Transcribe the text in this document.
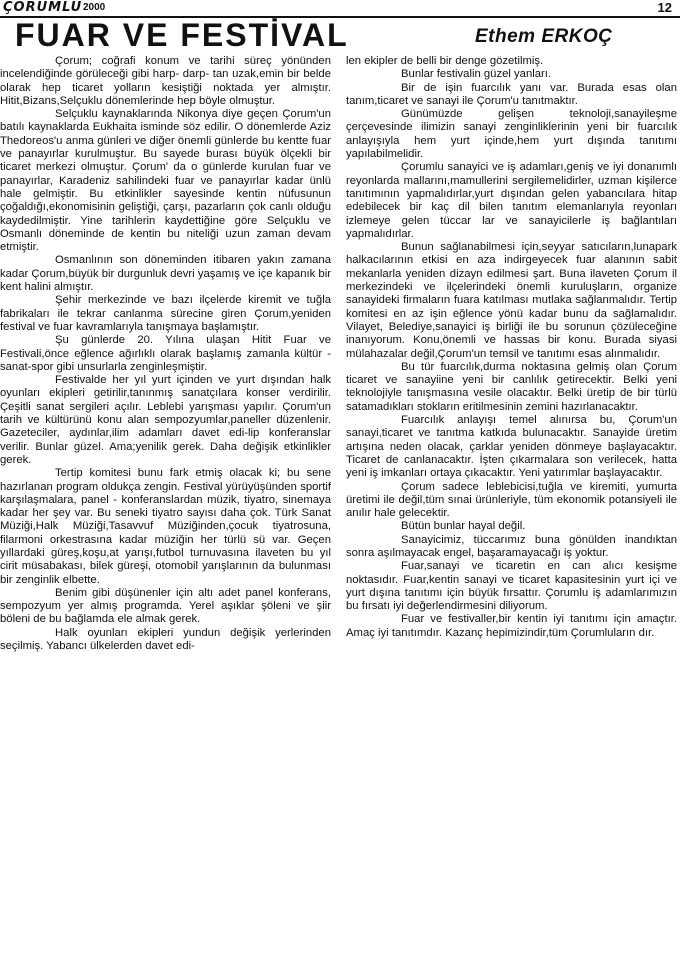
ÇORUMLU 2000	12
FUAR VE FESTİVAL	Ethem ERKOÇ

Çorum; coğrafi konum ve tarihi süreç yönünden incelendiğinde görüleceği gibi harp- darp- tan uzak,emin bir belde olarak hep ticaret yolların kesiştiği noktada yer almıştır. Hitit,Bizans,Selçuklu dönemlerinde hep böyle olmuştur.

Selçuklu kaynaklarında Nikonya diye geçen Çorum'un batılı kaynaklarda Eukhaita isminde söz edilir. O dönemlerde Aziz Thedoreos'u anma günleri ve diğer önemli günlerde bu kentte fuar ve panayırlar kurulmuştur. Bu sayede burası büyük ölçekli bir ticaret merkezi olmuştur. Çorum' da o günlerde kurulan fuar ve panayırlar, Karadeniz sahilindeki fuar ve panayırlar kadar ünlü hale gelmiştir. Bu etkinlikler sayesinde kentin nüfusunun çoğaldığı,ekonomisinin geliştiği, çarşı, pazarların çok canlı olduğu kaydedilmiştir. Yine tarihlerin kaydettiğine göre Selçuklu ve Osmanlı döneminde de kentin bu niteliği uzun zaman devam etmiştir.

Osmanlının son döneminden itibaren yakın zamana kadar Çorum,büyük bir durgunluk devri yaşamış ve içe kapanık bir kent halini almıştır.

Şehir merkezinde ve bazı ilçelerde kiremit ve tuğla fabrikaları ile tekrar canlanma sürecine giren Çorum,yeniden festival ve fuar kavramlarıyla tanışmaya başlamıştır.

Şu günlerde 20. Yılına ulaşan Hitit Fuar ve Festivali,önce eğlence ağırlıklı olarak başlamış zamanla kültür -sanat-spor gibi unsurlarla zenginleşmiştir.

Festivalde her yıl yurt içinden ve yurt dışından halk oyunları ekipleri getirilir,tanınmış sanatçılara konser verdirilir. Çeşitli sanat sergileri açılır. Leblebi yarışması yapılır. Çorum'un tarih ve kültürünü konu alan sempozyumlar,paneller düzenlenir. Gazeteciler, aydınlar,ilim adamları davet edi-lip konferanslar verilir. Bunlar güzel. Ama;yenilik gerek. Daha değişik etkinlikler gerek.

Tertip komitesi bunu fark etmiş olacak ki; bu sene hazırlanan program oldukça zengin. Festival yürüyüşünden sportif karşılaşmalara, panel - konferanslardan müzik, tiyatro, sinemaya kadar her şey var. Bu seneki tiyatro sayısı daha çok. Türk Sanat Müziği,Halk Müziği,Tasavvuf Müziğinden,çocuk tiyatrosuna, filarmoni orkestrasına kadar müziğin her türlü sü var. Geçen yıllardaki güreş,koşu,at yarışı,futbol turnuvasına ilaveten bu yıl cirit müsabakası, bilek güreşi, otomobil yarışlarının da bulunması bir zenginlik elbette.

Benim gibi düşünenler için altı adet panel konferans, sempozyum yer almış programda. Yerel aşıklar şöleni ve şiir böleni de bu bağlamda ele almak gerek.

Halk oyunları ekipleri yundun değişik yerlerinden seçilmiş. Yabancı ülkelerden davet edi-

len ekipler de belli bir denge gözetilmiş.

Bunlar festivalin güzel yanları.

Bir de işin fuarcılık yanı var. Burada esas olan tanım,ticaret ve sanayi ile Çorum'u tanıtmaktır.

Günümüzde gelişen teknoloji,sanayileşme çerçevesinde ilimizin sanayi zenginliklerinin yeni bir fuarcılık anlayışıyla hem yurt içinde,hem yurt dışında tanıtımı yapılabilmelidir.

Çorumlu sanayici ve iş adamları,geniş ve iyi donanımlı reyonlarda mallarını,mamullerini sergilemelidirler, uzman kişilerce tanıtımının yapmalıdırlar,yurt dışından gelen yabancılara hitap edebilecek bir kaç dil bilen tanıtım elemanlarıyla reyonları izlemeye gelen tüccar lar ve sanayicilerle iş bağlantıları yapmalıdırlar.

Bunun sağlanabilmesi için,seyyar satıcıların,lunapark halkacılarının etkisi en aza indirgeyecek fuar alanının sabit mekanlarla yeniden dizayn edilmesi şart. Buna ilaveten Çorum il merkezindeki ve ilçelerindeki önemli kuruluşların, organize sanayideki firmaların fuara katılması mutlaka sağlanmalıdır. Tertip komitesi en az işin eğlence yönü kadar bunu da sağlamalıdır. Vilayet, Belediye,sanayici iş birliği ile bu sorunun çözüleceğine inanıyorum. Konu,önemli ve hassas bir konu. Burada siyasi mülahazalar değil,Çorum'un temsil ve tanıtımı esas alınmalıdır.

Bu tür fuarcılık,durma noktasına gelmiş olan Çorum ticaret ve sanayiine yeni bir canlılık getirecektir. Belki yeni teknolojiyle tanışmasına vesile olacaktır. Belki üretip de bir türlü satamadıkları stokların eritilmesinin zemini hazırlanacaktır.

Fuarcılık anlayışı temel alınırsa bu, Çorum'un sanayi,ticaret ve tanıtma katkıda bulunacaktır. Sanayide üretim artışına neden olacak, çarklar yeniden dönmeye başlayacaktır. Ticaret de canlanacaktır. İşten çıkarmalara son verilecek, hatta yeni iş imkanları ortaya çıkacaktır. Yeni yatırımlar başlayacaktır.

Çorum sadece leblebicisi,tuğla ve kiremiti, yumurta üretimi ile değil,tüm sınai ürünleriyle, tüm ekonomik potansiyeli ile anılır hale gelecektir.

Bütün bunlar hayal değil.

Sanayicimiz, tüccarımız buna gönülden inandıktan sonra aşılmayacak engel, başaramayacağı iş yoktur.

Fuar,sanayi ve ticaretin en can alıcı kesişme noktasıdır. Fuar,kentin sanayi ve ticaret kapasitesinin yurt içi ve yurt dışına tanıtımı için büyük fırsattır. Çorumlu iş adamlarımızın bu fırsatı iyi değerlendirmesini diliyorum.

Fuar ve festivaller,bir kentin iyi tanıtımı için amaçtır. Amaç iyi tanıtımdır. Kazanç hepimizindir,tüm Çorumluların dır.
